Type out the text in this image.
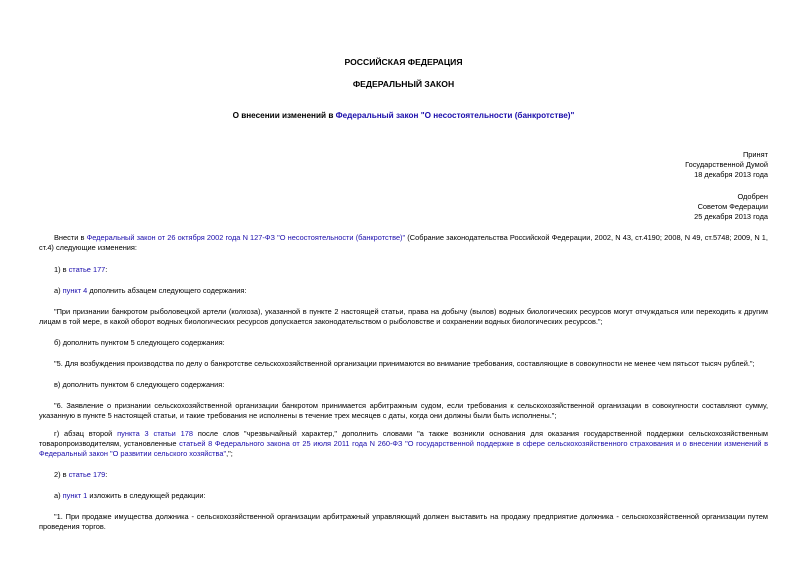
РОССИЙСКАЯ ФЕДЕРАЦИЯ
ФЕДЕРАЛЬНЫЙ ЗАКОН
О внесении изменений в Федеральный закон "О несостоятельности (банкротстве)"
Принят
Государственной Думой
18 декабря 2013 года
Одобрен
Советом Федерации
25 декабря 2013 года
Внести в Федеральный закон от 26 октября 2002 года N 127-ФЗ "О несостоятельности (банкротстве)" (Собрание законодательства Российской Федерации, 2002, N 43, ст.4190; 2008, N 49, ст.5748; 2009, N 1, ст.4) следующие изменения:
1) в статье 177:
а) пункт 4 дополнить абзацем следующего содержания:
"При признании банкротом рыболовецкой артели (колхоза), указанной в пункте 2 настоящей статьи, права на добычу (вылов) водных биологических ресурсов могут отчуждаться или переходить к другим лицам в той мере, в какой оборот водных биологических ресурсов допускается законодательством о рыболовстве и сохранении водных биологических ресурсов.";
б) дополнить пунктом 5 следующего содержания:
"5. Для возбуждения производства по делу о банкротстве сельскохозяйственной организации принимаются во внимание требования, составляющие в совокупности не менее чем пятьсот тысяч рублей.";
в) дополнить пунктом 6 следующего содержания:
"6. Заявление о признании сельскохозяйственной организации банкротом принимается арбитражным судом, если требования к сельскохозяйственной организации в совокупности составляют сумму, указанную в пункте 5 настоящей статьи, и такие требования не исполнены в течение трех месяцев с даты, когда они должны были быть исполнены.";
г) абзац второй пункта 3 статьи 178 после слов "чрезвычайный характер," дополнить словами "а также возникли основания для оказания государственной поддержки сельскохозяйственным товаропроизводителям, установленные статьей 8 Федерального закона от 25 июля 2011 года N 260-ФЗ "О государственной поддержке в сфере сельскохозяйственного страхования и о внесении изменений в Федеральный закон "О развитии сельского хозяйства",";
2) в статье 179:
а) пункт 1 изложить в следующей редакции:
"1. При продаже имущества должника - сельскохозяйственной организации арбитражный управляющий должен выставить на продажу предприятие должника - сельскохозяйственной организации путем проведения торгов.
